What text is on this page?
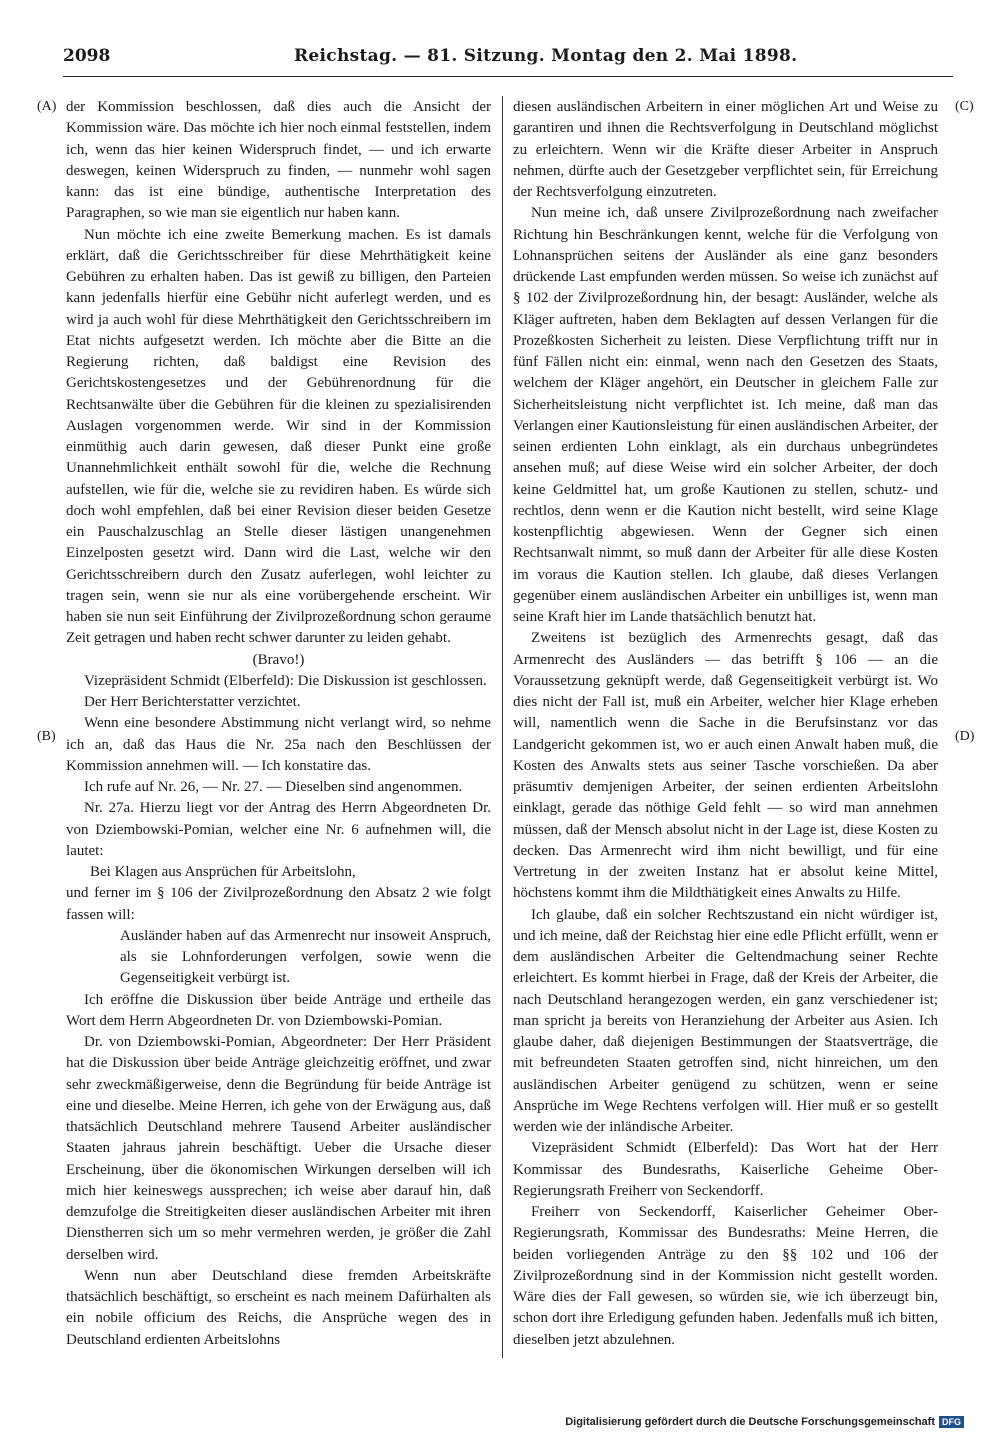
2098	Reichstag. — 81. Sitzung. Montag den 2. Mai 1898.
(A)
(B)
(C)
(D)

der Kommission beschlossen, daß dies auch die Ansicht der Kommission wäre. Das möchte ich hier noch einmal feststellen, indem ich, wenn das hier keinen Widerspruch findet, — und ich erwarte deswegen, keinen Widerspruch zu finden, — nunmehr wohl sagen kann: das ist eine bündige, authentische Interpretation des Paragraphen, so wie man sie eigentlich nur haben kann.

Nun möchte ich eine zweite Bemerkung machen. Es ist damals erklärt, daß die Gerichtsschreiber für diese Mehrthätigkeit keine Gebühren zu erhalten haben. Das ist gewiß zu billigen, den Parteien kann jedenfalls hierfür eine Gebühr nicht auferlegt werden, und es wird ja auch wohl für diese Mehrthätigkeit den Gerichtsschreibern im Etat nichts aufgesetzt werden. Ich möchte aber die Bitte an die Regierung richten, daß baldigst eine Revision des Gerichtskostengesetzes und der Gebührenordnung für die Rechtsanwälte über die Gebühren für die kleinen zu spezialisirenden Auslagen vorgenommen werde. Wir sind in der Kommission einmüthig auch darin gewesen, daß dieser Punkt eine große Unannehmlichkeit enthält sowohl für die, welche die Rechnung aufstellen, wie für die, welche sie zu revidiren haben. Es würde sich doch wohl empfehlen, daß bei einer Revision dieser beiden Gesetze ein Pauschalzuschlag an Stelle dieser lästigen unangenehmen Einzelposten gesetzt wird. Dann wird die Last, welche wir den Gerichtsschreibern durch den Zusatz auferlegen, wohl leichter zu tragen sein, wenn sie nur als eine vorübergehende erscheint. Wir haben sie nun seit Einführung der Zivilprozeßordnung schon geraume Zeit getragen und haben recht schwer darunter zu leiden gehabt.

(Bravo!)

Vizepräsident Schmidt (Elberfeld): Die Diskussion ist geschlossen.

Der Herr Berichterstatter verzichtet.

Wenn eine besondere Abstimmung nicht verlangt wird, so nehme ich an, daß das Haus die Nr. 25a nach den Beschlüssen der Kommission annehmen will. — Ich konstatire das.

Ich rufe auf Nr. 26, — Nr. 27. — Dieselben sind angenommen.

Nr. 27a. Hierzu liegt vor der Antrag des Herrn Abgeordneten Dr. von Dziembowski-Pomian, welcher eine Nr. 6 aufnehmen will, die lautet:

Bei Klagen aus Ansprüchen für Arbeitslohn,

und ferner im § 106 der Zivilprozeßordnung den Absatz 2 wie folgt fassen will:

Ausländer haben auf das Armenrecht nur insoweit Anspruch, als sie Lohnforderungen verfolgen, sowie wenn die Gegenseitigkeit verbürgt ist.

Ich eröffne die Diskussion über beide Anträge und ertheile das Wort dem Herrn Abgeordneten Dr. von Dziembowski-Pomian.

Dr. von Dziembowski-Pomian, Abgeordneter: Der Herr Präsident hat die Diskussion über beide Anträge gleichzeitig eröffnet, und zwar sehr zweckmäßigerweise, denn die Begründung für beide Anträge ist eine und dieselbe. Meine Herren, ich gehe von der Erwägung aus, daß thatsächlich Deutschland mehrere Tausend Arbeiter ausländischer Staaten jahraus jahrein beschäftigt. Ueber die Ursache dieser Erscheinung, über die ökonomischen Wirkungen derselben will ich mich hier keineswegs aussprechen; ich weise aber darauf hin, daß demzufolge die Streitigkeiten dieser ausländischen Arbeiter mit ihren Dienstherren sich um so mehr vermehren werden, je größer die Zahl derselben wird.

Wenn nun aber Deutschland diese fremden Arbeitskräfte thatsächlich beschäftigt, so erscheint es nach meinem Dafürhalten als ein nobile officium des Reichs, die Ansprüche wegen des in Deutschland erdienten Arbeitslohns

diesen ausländischen Arbeitern in einer möglichen Art und Weise zu garantiren und ihnen die Rechtsverfolgung in Deutschland möglichst zu erleichtern. Wenn wir die Kräfte dieser Arbeiter in Anspruch nehmen, dürfte auch der Gesetzgeber verpflichtet sein, für Erreichung der Rechtsverfolgung einzutreten.

Nun meine ich, daß unsere Zivilprozeßordnung nach zweifacher Richtung hin Beschränkungen kennt, welche für die Verfolgung von Lohnansprüchen seitens der Ausländer als eine ganz besonders drückende Last empfunden werden müssen. So weise ich zunächst auf § 102 der Zivilprozeßordnung hin, der besagt: Ausländer, welche als Kläger auftreten, haben dem Beklagten auf dessen Verlangen für die Prozeßkosten Sicherheit zu leisten. Diese Verpflichtung trifft nur in fünf Fällen nicht ein: einmal, wenn nach den Gesetzen des Staats, welchem der Kläger angehört, ein Deutscher in gleichem Falle zur Sicherheitsleistung nicht verpflichtet ist. Ich meine, daß man das Verlangen einer Kautionsleistung für einen ausländischen Arbeiter, der seinen erdienten Lohn einklagt, als ein durchaus unbegründetes ansehen muß; auf diese Weise wird ein solcher Arbeiter, der doch keine Geldmittel hat, um große Kautionen zu stellen, schutz- und rechtlos, denn wenn er die Kaution nicht bestellt, wird seine Klage kostenpflichtig abgewiesen. Wenn der Gegner sich einen Rechtsanwalt nimmt, so muß dann der Arbeiter für alle diese Kosten im voraus die Kaution stellen. Ich glaube, daß dieses Verlangen gegenüber einem ausländischen Arbeiter ein unbilliges ist, wenn man seine Kraft hier im Lande thatsächlich benutzt hat.

Zweitens ist bezüglich des Armenrechts gesagt, daß das Armenrecht des Ausländers — das betrifft § 106 — an die Voraussetzung geknüpft werde, daß Gegenseitigkeit verbürgt ist. Wo dies nicht der Fall ist, muß ein Arbeiter, welcher hier Klage erheben will, namentlich wenn die Sache in die Berufsinstanz vor das Landgericht gekommen ist, wo er auch einen Anwalt haben muß, die Kosten des Anwalts stets aus seiner Tasche vorschießen. Da aber präsumtiv demjenigen Arbeiter, der seinen erdienten Arbeitslohn einklagt, gerade das nöthige Geld fehlt — so wird man annehmen müssen, daß der Mensch absolut nicht in der Lage ist, diese Kosten zu decken. Das Armenrecht wird ihm nicht bewilligt, und für eine Vertretung in der zweiten Instanz hat er absolut keine Mittel, höchstens kommt ihm die Mildthätigkeit eines Anwalts zu Hilfe.

Ich glaube, daß ein solcher Rechtszustand ein nicht würdiger ist, und ich meine, daß der Reichstag hier eine edle Pflicht erfüllt, wenn er dem ausländischen Arbeiter die Geltendmachung seiner Rechte erleichtert. Es kommt hierbei in Frage, daß der Kreis der Arbeiter, die nach Deutschland herangezogen werden, ein ganz verschiedener ist; man spricht ja bereits von Heranziehung der Arbeiter aus Asien. Ich glaube daher, daß diejenigen Bestimmungen der Staatsverträge, die mit befreundeten Staaten getroffen sind, nicht hinreichen, um den ausländischen Arbeiter genügend zu schützen, wenn er seine Ansprüche im Wege Rechtens verfolgen will. Hier muß er so gestellt werden wie der inländische Arbeiter.

Vizepräsident Schmidt (Elberfeld): Das Wort hat der Herr Kommissar des Bundesraths, Kaiserliche Geheime Ober-Regierungsrath Freiherr von Seckendorff.

Freiherr von Seckendorff, Kaiserlicher Geheimer Ober-Regierungsrath, Kommissar des Bundesraths: Meine Herren, die beiden vorliegenden Anträge zu den §§ 102 und 106 der Zivilprozeßordnung sind in der Kommission nicht gestellt worden. Wäre dies der Fall gewesen, so würden sie, wie ich überzeugt bin, schon dort ihre Erledigung gefunden haben. Jedenfalls muß ich bitten, dieselben jetzt abzulehnen.

Digitalisierung gefördert durch die Deutsche Forschungsgemeinschaft DFG
